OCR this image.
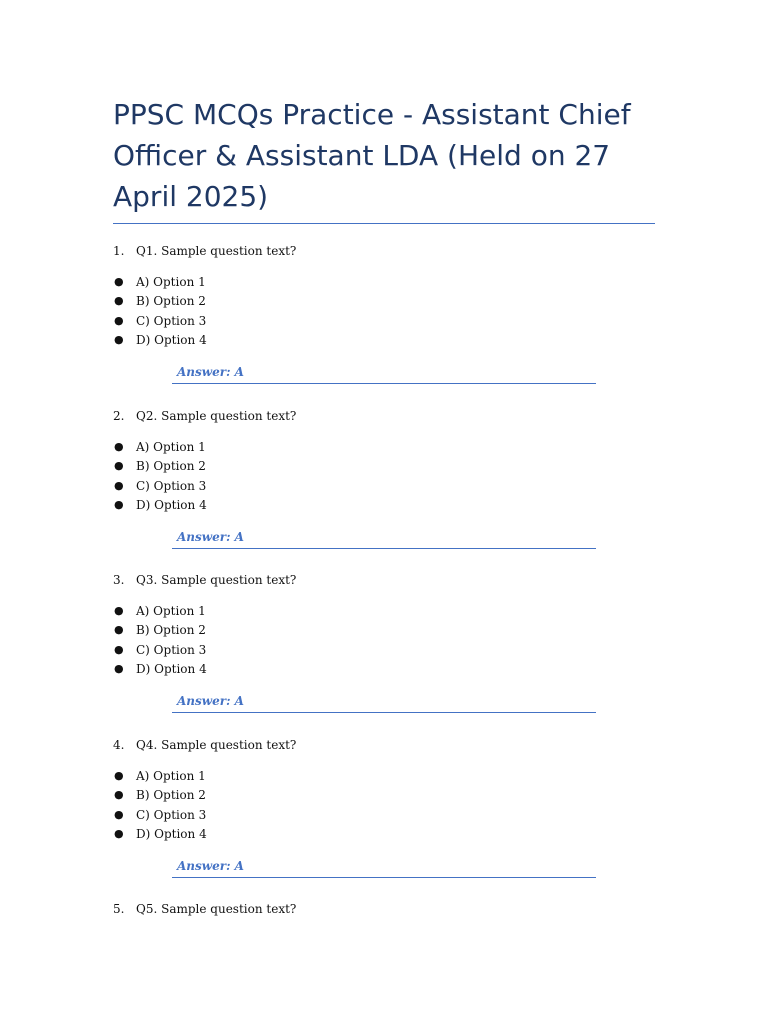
PPSC MCQs Practice - Assistant Chief Officer & Assistant LDA (Held on 27 April 2025)
1. Q1. Sample question text?
● A) Option 1
● B) Option 2
● C) Option 3
● D) Option 4
Answer: A
2. Q2. Sample question text?
● A) Option 1
● B) Option 2
● C) Option 3
● D) Option 4
Answer: A
3. Q3. Sample question text?
● A) Option 1
● B) Option 2
● C) Option 3
● D) Option 4
Answer: A
4. Q4. Sample question text?
● A) Option 1
● B) Option 2
● C) Option 3
● D) Option 4
Answer: A
5. Q5. Sample question text?
